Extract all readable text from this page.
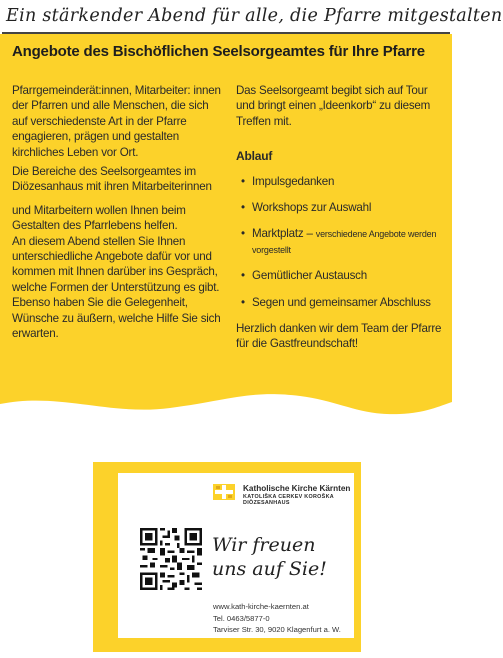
Ein stärkender Abend für alle, die Pfarre mitgestalten
Angebote des Bischöflichen Seelsorgeamtes für Ihre Pfarre

Pfarrgemeinderät:innen, Mitarbeiter: innen der Pfarren und alle Menschen, die sich auf verschiedenste Art in der Pfarre engagieren, prägen und gestalten kirchliches Leben vor Ort.

Die Bereiche des Seelsorgeamtes im Diözesanhaus mit ihren Mitarbeiterinnen

und Mitarbeitern wollen Ihnen beim Gestalten des Pfarrlebens helfen.

An diesem Abend stellen Sie Ihnen unterschiedliche Angebote dafür vor und kommen mit Ihnen darüber ins Gespräch, welche Formen der Unterstützung es gibt. Ebenso haben Sie die Gelegenheit, Wünsche zu äußern, welche Hilfe Sie sich erwarten.

Das Seelsorgeamt begibt sich auf Tour und bringt einen „Ideenkorb“ zu diesem Treffen mit.

Ablauf
• Impulsgedanken
• Workshops zur Auswahl
• Marktplatz – verschiedene Angebote werden vorgestellt
• Gemütlicher Austausch
• Segen und gemeinsamer Abschluss

Herzlich danken wir dem Team der Pfarre für die Gastfreundschaft!

Katholische Kirche Kärnten
KATOLIŠKA CERKEV KOROŠKA
DIÖZESANHAUS
Wir freuen
uns auf Sie!
www.kath-kirche-kaernten.at
Tel. 0463/5877-0
Tarviser Str. 30, 9020 Klagenfurt a. W.
